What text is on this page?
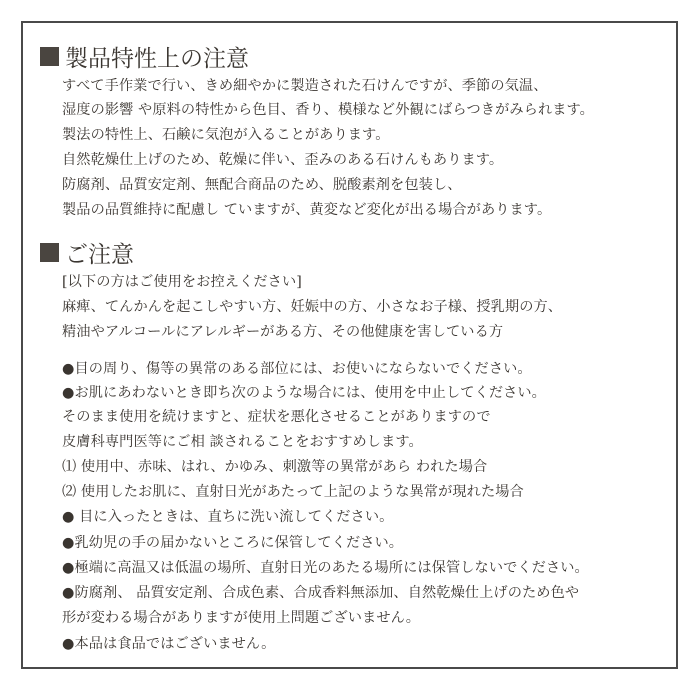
製品特性上の注意
すべて手作業で行い、きめ細やかに製造された石けんですが、季節の気温、
湿度の影響 や原料の特性から色目、香り、模様など外観にばらつきがみられます。
製法の特性上、石鹸に気泡が入ることがあります。
自然乾燥仕上げのため、乾燥に伴い、歪みのある石けんもあります。
防腐剤、品質安定剤、無配合商品のため、脱酸素剤を包装し、
製品の品質維持に配慮し ていますが、黄変など変化が出る場合があります。
ご注意
[以下の方はご使用をお控えください]
麻痺、てんかんを起こしやすい方、妊娠中の方、小さなお子様、授乳期の方、
精油やアルコールにアレルギーがある方、その他健康を害している方
●目の周り、傷等の異常のある部位には、お使いにならないでください。
●お肌にあわないとき即ち次のような場合には、使用を中止してください。
そのまま使用を続けますと、症状を悪化させることがありますので
皮膚科専門医等にご相 談されることをおすすめします。
⑴ 使用中、赤味、はれ、かゆみ、刺激等の異常があら われた場合
⑵ 使用したお肌に、直射日光があたって上記のような異常が現れた場合
● 目に入ったときは、直ちに洗い流してください。
●乳幼児の手の届かないところに保管してください。
●極端に高温又は低温の場所、直射日光のあたる場所には保管しないでください。
●防腐剤、 品質安定剤、合成色素、合成香料無添加、自然乾燥仕上げのため色や
形が変わる場合がありますが使用上問題ございません。
●本品は食品ではございません。
